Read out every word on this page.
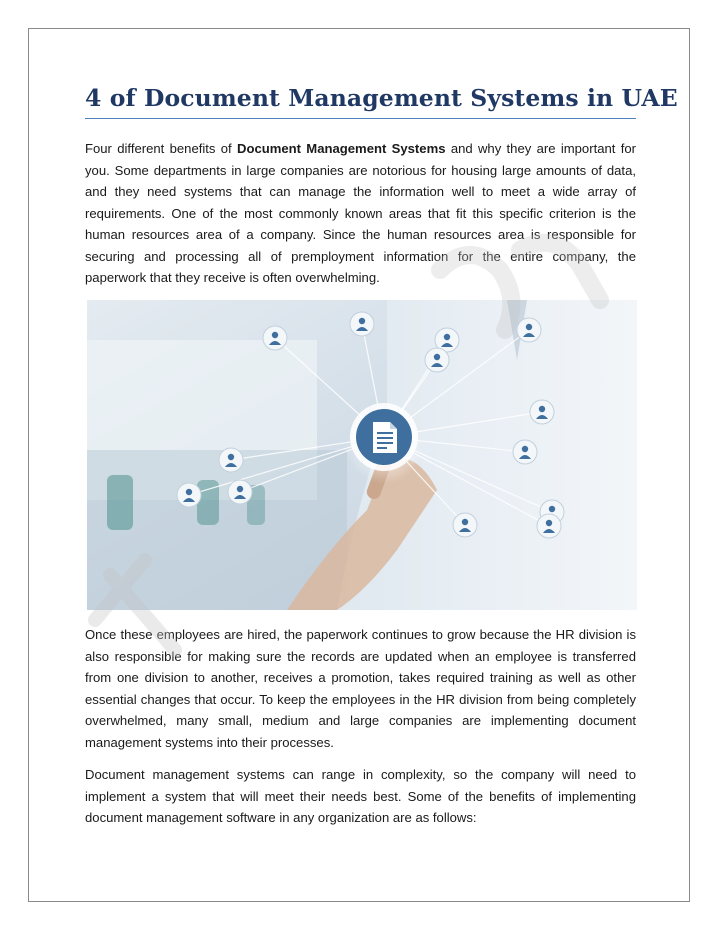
4 of Document Management Systems in UAE

Four different benefits of Document Management Systems and why they are important for you. Some departments in large companies are notorious for housing large amounts of data, and they need systems that can manage the information well to meet a wide array of requirements. One of the most commonly known areas that fit this specific criterion is the human resources area of a company. Since the human resources area is responsible for securing and processing all of premployment information for the entire company, the paperwork that they receive is often overwhelming.

Once these employees are hired, the paperwork continues to grow because the HR division is also responsible for making sure the records are updated when an employee is transferred from one division to another, receives a promotion, takes required training as well as other essential changes that occur. To keep the employees in the HR division from being completely overwhelmed, many small, medium and large companies are implementing document management systems into their processes.

Document management systems can range in complexity, so the company will need to implement a system that will meet their needs best. Some of the benefits of implementing document management software in any organization are as follows:
